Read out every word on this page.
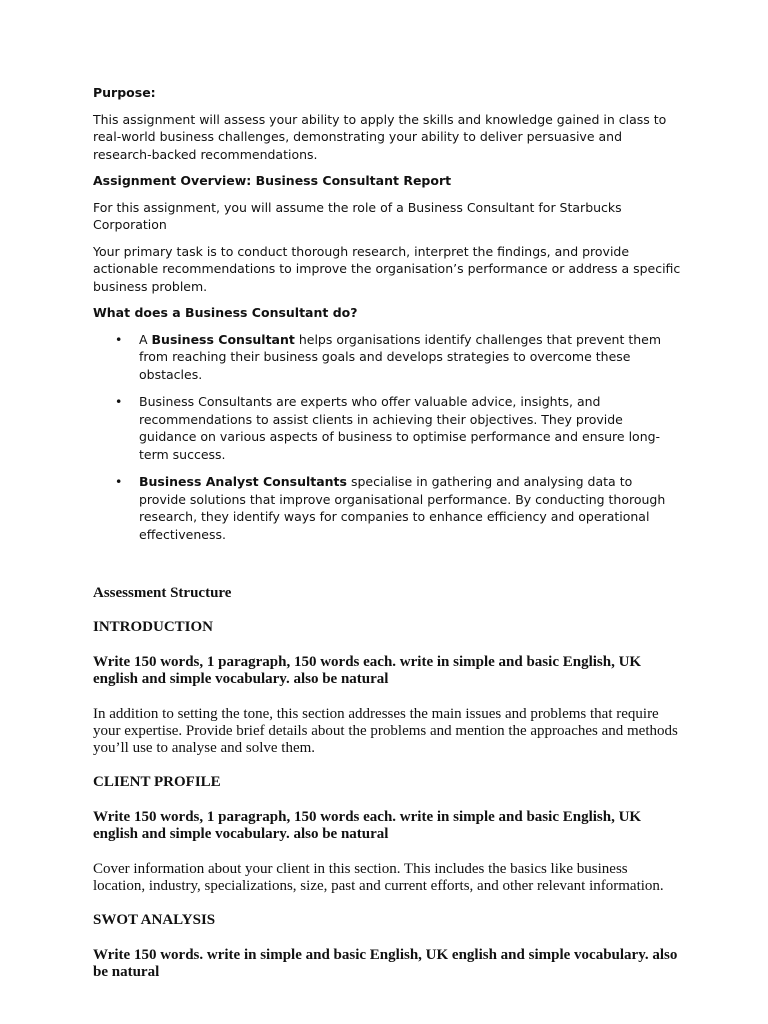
Purpose:

This assignment will assess your ability to apply the skills and knowledge gained in class to real-world business challenges, demonstrating your ability to deliver persuasive and research-backed recommendations.

Assignment Overview: Business Consultant Report

For this assignment, you will assume the role of a Business Consultant for Starbucks Corporation

Your primary task is to conduct thorough research, interpret the findings, and provide actionable recommendations to improve the organisation’s performance or address a specific business problem.

What does a Business Consultant do?

• A Business Consultant helps organisations identify challenges that prevent them from reaching their business goals and develops strategies to overcome these obstacles.
• Business Consultants are experts who offer valuable advice, insights, and recommendations to assist clients in achieving their objectives. They provide guidance on various aspects of business to optimise performance and ensure long-term success.
• Business Analyst Consultants specialise in gathering and analysing data to provide solutions that improve organisational performance. By conducting thorough research, they identify ways for companies to enhance efficiency and operational effectiveness.

Assessment Structure

INTRODUCTION

Write 150 words, 1 paragraph, 150 words each. write in simple and basic English, UK english and simple vocabulary. also be natural

In addition to setting the tone, this section addresses the main issues and problems that require your expertise. Provide brief details about the problems and mention the approaches and methods you’ll use to analyse and solve them.

CLIENT PROFILE

Write 150 words, 1 paragraph, 150 words each. write in simple and basic English, UK english and simple vocabulary. also be natural

Cover information about your client in this section. This includes the basics like business location, industry, specializations, size, past and current efforts, and other relevant information.

SWOT ANALYSIS

Write 150 words. write in simple and basic English, UK english and simple vocabulary. also be natural
